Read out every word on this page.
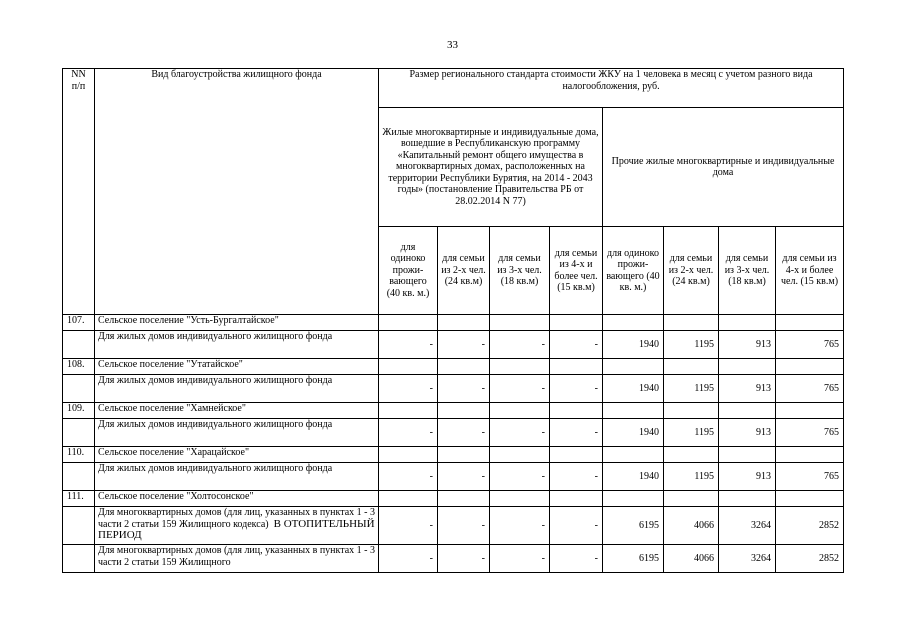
33
NN п/п	Вид благоустройства жилищного фонда	Размер регионального стандарта стоимости ЖКУ на 1 человека в месяц с учетом разного вида налогообложения, руб.							
		Жилые многоквартирные и индивидуальные дома, вошедшие в Республиканскую программу «Капитальный ремонт общего имущества в многоквартирных домах, расположенных на территории Республики Бурятия, на 2014 - 2043 годы» (постановление Правительства РБ от 28.02.2014 N 77)				Прочие жилые многоквартирные и индивидуальные дома			
		для одиноко прожи-вающего (40 кв. м.)	для семьи из 2-х чел. (24 кв.м)	для семьи из 3-х чел. (18 кв.м)	для семьи из 4-х и более чел. (15 кв.м)	для одиноко прожи-вающего (40 кв. м.)	для семьи из 2-х чел. (24 кв.м)	для семьи из 3-х чел. (18 кв.м)	для семьи из 4-х и более чел. (15 кв.м)
107.	Сельское поселение "Усть-Бургалтайское"								
	Для жилых домов индивидуального жилищного фонда	-	-	-	-	1940	1195	913	765
108.	Сельское поселение "Утатайское"								
	Для жилых домов индивидуального жилищного фонда	-	-	-	-	1940	1195	913	765
109.	Сельское поселение "Хамнейское"								
	Для жилых домов индивидуального жилищного фонда	-	-	-	-	1940	1195	913	765
110.	Сельское поселение "Харацайское"								
	Для жилых домов индивидуального жилищного фонда	-	-	-	-	1940	1195	913	765
111.	Сельское поселение "Холтосонское"								
	Для многоквартирных домов (для лиц, указанных в пунктах 1 - 3 части 2 статьи 159 Жилищного кодекса) В ОТОПИТЕЛЬНЫЙ ПЕРИОД	-	-	-	-	6195	4066	3264	2852
	Для многоквартирных домов (для лиц, указанных в пунктах 1 - 3 части 2 статьи 159 Жилищного	-	-	-	-	6195	4066	3264	2852
